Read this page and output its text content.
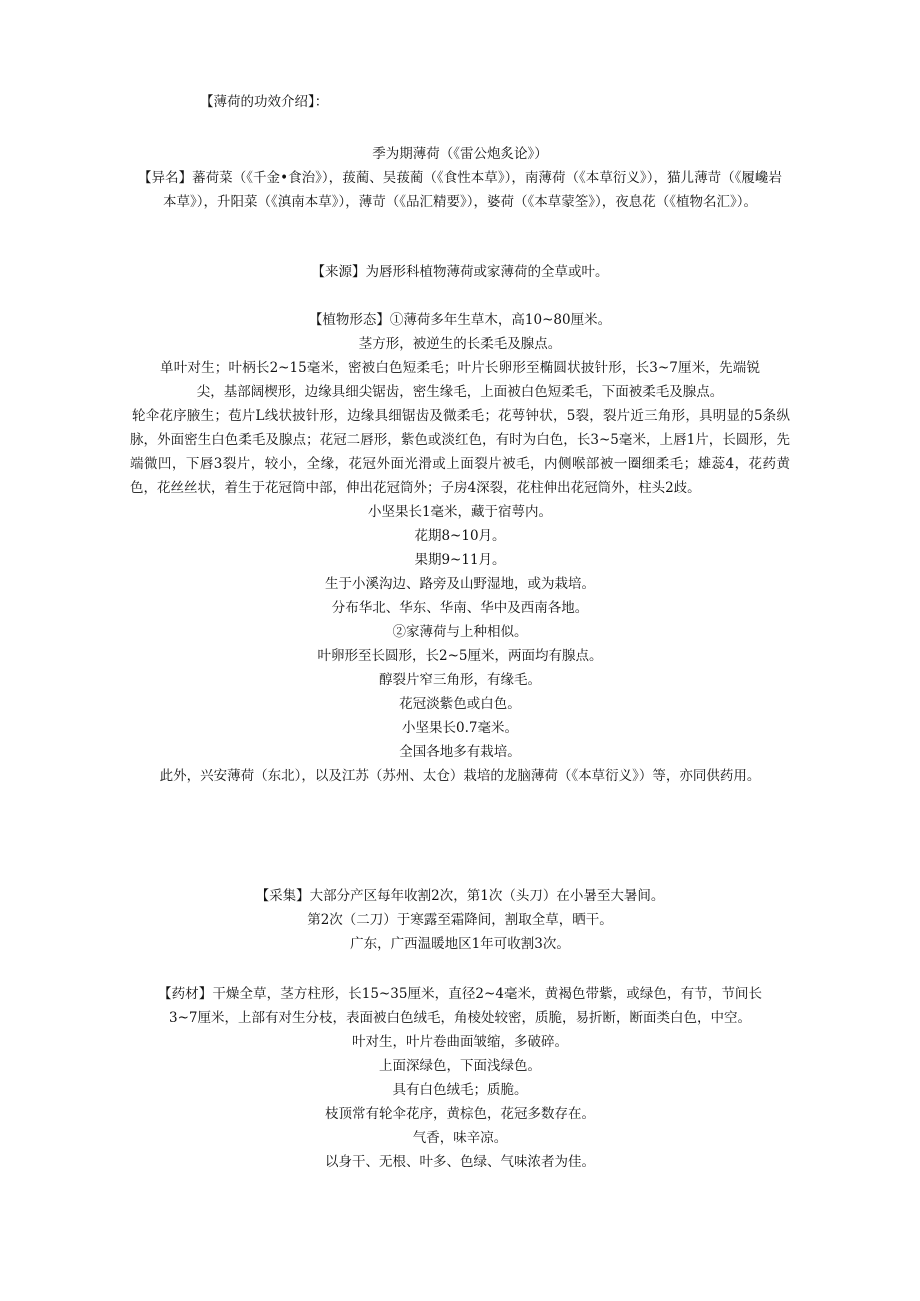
【薄荷的功效介绍】：

季为期薄荷（《雷公炮炙论》）

【异名】蕃荷菜（《千金•食治》），菝蔺、吴菝蔺（《食性本草》），南薄荷（《本草衍义》），猫儿薄苛（《履巉岩本草》），升阳菜（《滇南本草》），薄苛（《品汇精要》），婆荷（《本草蒙筌》），夜息花（《植物名汇》）。

【来源】为唇形科植物薄荷或家薄荷的全草或叶。

【植物形态】①薄荷多年生草木，高10~80厘米。

茎方形，被逆生的长柔毛及腺点。

单叶对生；叶柄长2~15毫米，密被白色短柔毛；叶片长卵形至椭圆状披针形，长3~7厘米，先端锐尖，基部阔楔形，边缘具细尖锯齿，密生缘毛，上面被白色短柔毛，下面被柔毛及腺点。

轮伞花序腋生；苞片L线状披针形，边缘具细锯齿及微柔毛；花萼钟状，5裂，裂片近三角形，具明显的5条纵脉，外面密生白色柔毛及腺点；花冠二唇形，紫色或淡红色，有时为白色，长3~5毫米，上唇1片，长圆形，先端微凹，下唇3裂片，较小，全缘，花冠外面光滑或上面裂片被毛，内侧喉部被一圈细柔毛；雄蕊4，花药黄色，花丝丝状，着生于花冠筒中部，伸出花冠筒外；子房4深裂，花柱伸出花冠筒外，柱头2歧。

小坚果长1毫米，藏于宿萼内。

花期8~10月。

果期9~11月。

生于小溪沟边、路旁及山野湿地，或为栽培。

分布华北、华东、华南、华中及西南各地。

②家薄荷与上种相似。

叶卵形至长圆形，长2~5厘米，两面均有腺点。

醇裂片窄三角形，有缘毛。

花冠淡紫色或白色。

小坚果长0.7毫米。

全国各地多有栽培。

此外，兴安薄荷（东北），以及江苏（苏州、太仓）栽培的龙脑薄荷（《本草衍义》）等，亦同供药用。

【采集】大部分产区每年收割2次，第1次（头刀）在小暑至大暑间。

第2次（二刀）于寒露至霜降间，割取全草，晒干。

广东，广西温暖地区1年可收割3次。

【药材】干燥全草，茎方柱形，长15~35厘米，直径2~4毫米，黄褐色带紫，或绿色，有节，节间长3~7厘米，上部有对生分枝，表面被白色绒毛，角棱处较密，质脆，易折断，断面类白色，中空。

叶对生，叶片卷曲面皱缩，多破碎。

上面深绿色，下面浅绿色。

具有白色绒毛；质脆。

枝顶常有轮伞花序，黄棕色，花冠多数存在。

气香，味辛凉。

以身干、无根、叶多、色绿、气味浓者为佳。
